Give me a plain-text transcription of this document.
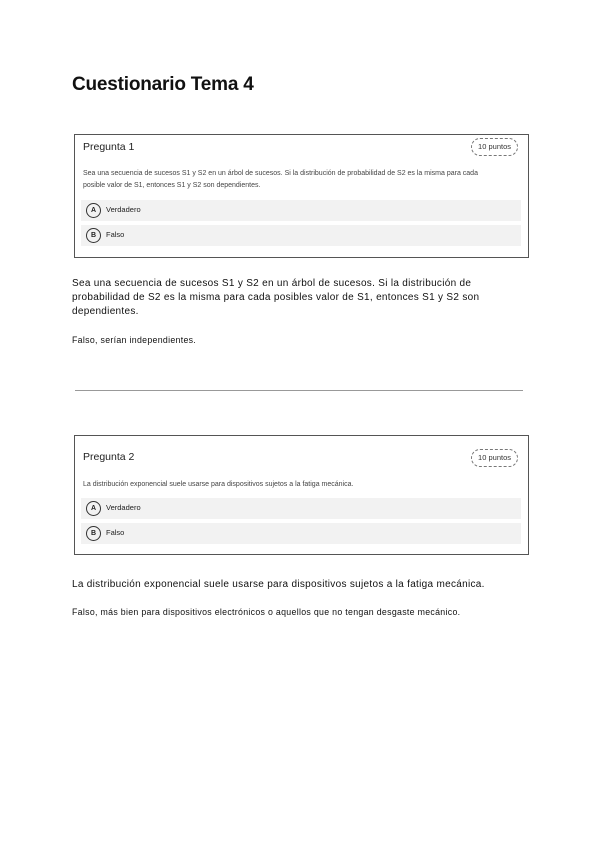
Cuestionario Tema 4
Pregunta 1	10 puntos
Sea una secuencia de sucesos S1 y S2 en un árbol de sucesos. Si la distribución de probabilidad de S2 es la misma para cada
posible valor de S1, entonces S1 y S2 son dependientes.
A	Verdadero
B	Falso
Sea una secuencia de sucesos S1 y S2 en un árbol de sucesos. Si la distribución de
probabilidad de S2 es la misma para cada posibles valor de S1, entonces S1 y S2 son
dependientes.
Falso, serían independientes.
Pregunta 2	10 puntos
La distribución exponencial suele usarse para dispositivos sujetos a la fatiga mecánica.
A	Verdadero
B	Falso
La distribución exponencial suele usarse para dispositivos sujetos a la fatiga mecánica.
Falso, más bien para dispositivos electrónicos o aquellos que no tengan desgaste mecánico.
